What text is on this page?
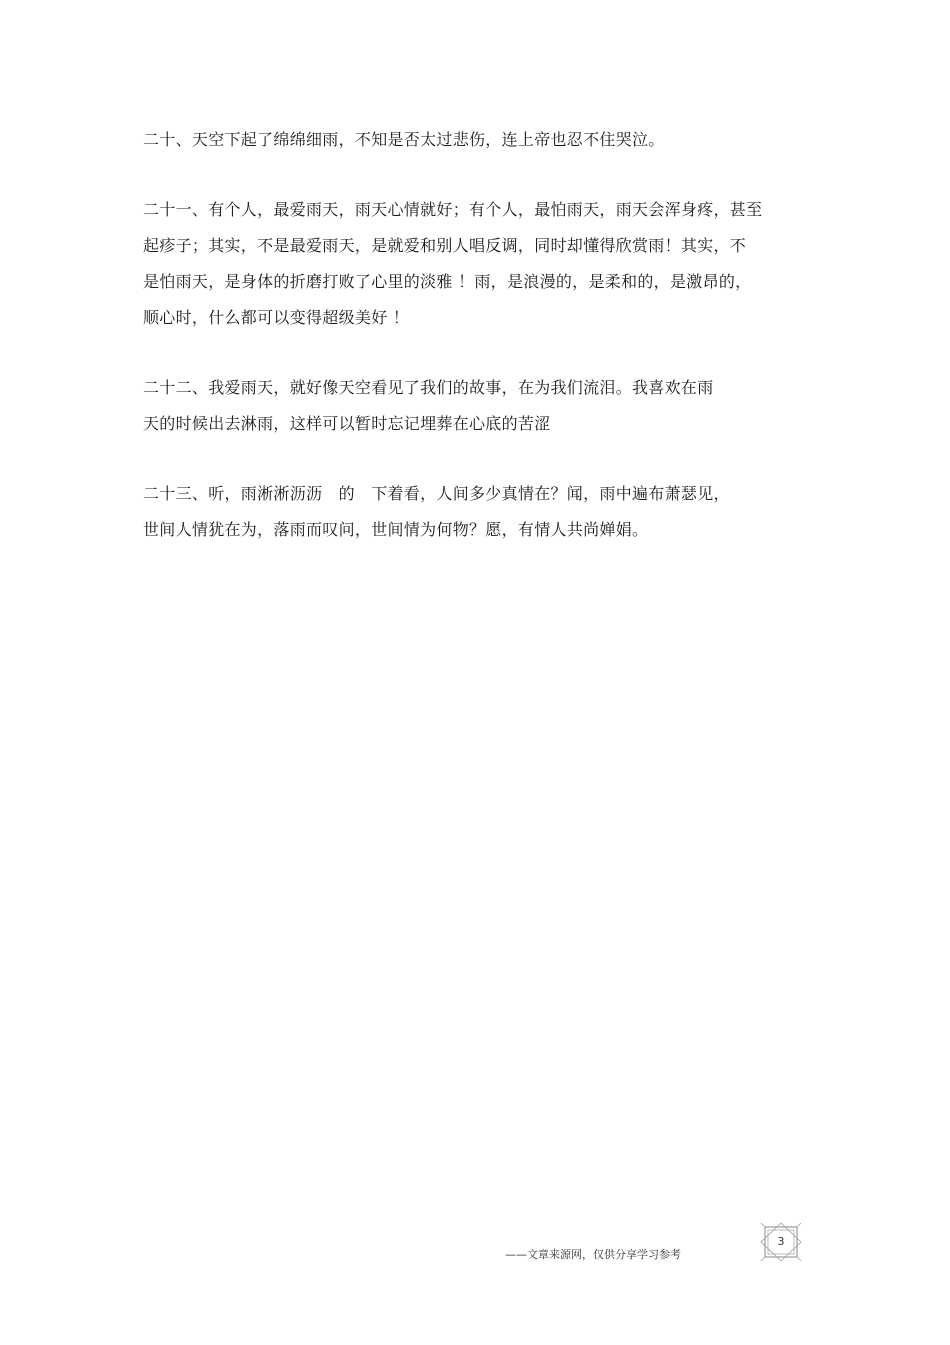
二十、天空下起了绵绵细雨，不知是否太过悲伤，连上帝也忍不住哭泣。
二十一、有个人，最爱雨天，雨天心情就好；有个人，最怕雨天，雨天会浑身疼，甚至
起疹子；其实，不是最爱雨天，是就爱和别人唱反调，同时却懂得欣赏雨！其实，不
是怕雨天，是身体的折磨打败了心里的淡雅 ！雨，是浪漫的，是柔和的，是激昂的，
顺心时，什么都可以变得超级美好 ！
二十二、我爱雨天，就好像天空看见了我们的故事，在为我们流泪。我喜欢在雨
天的时候出去淋雨，这样可以暂时忘记埋葬在心底的苦涩
二十三、听，雨淅淅沥沥　的　下着看，人间多少真情在？闻，雨中遍布萧瑟见，
世间人情犹在为，落雨而叹问，世间情为何物？愿，有情人共尚婵娟。
——文章来源网，仅供分享学习参考
3
